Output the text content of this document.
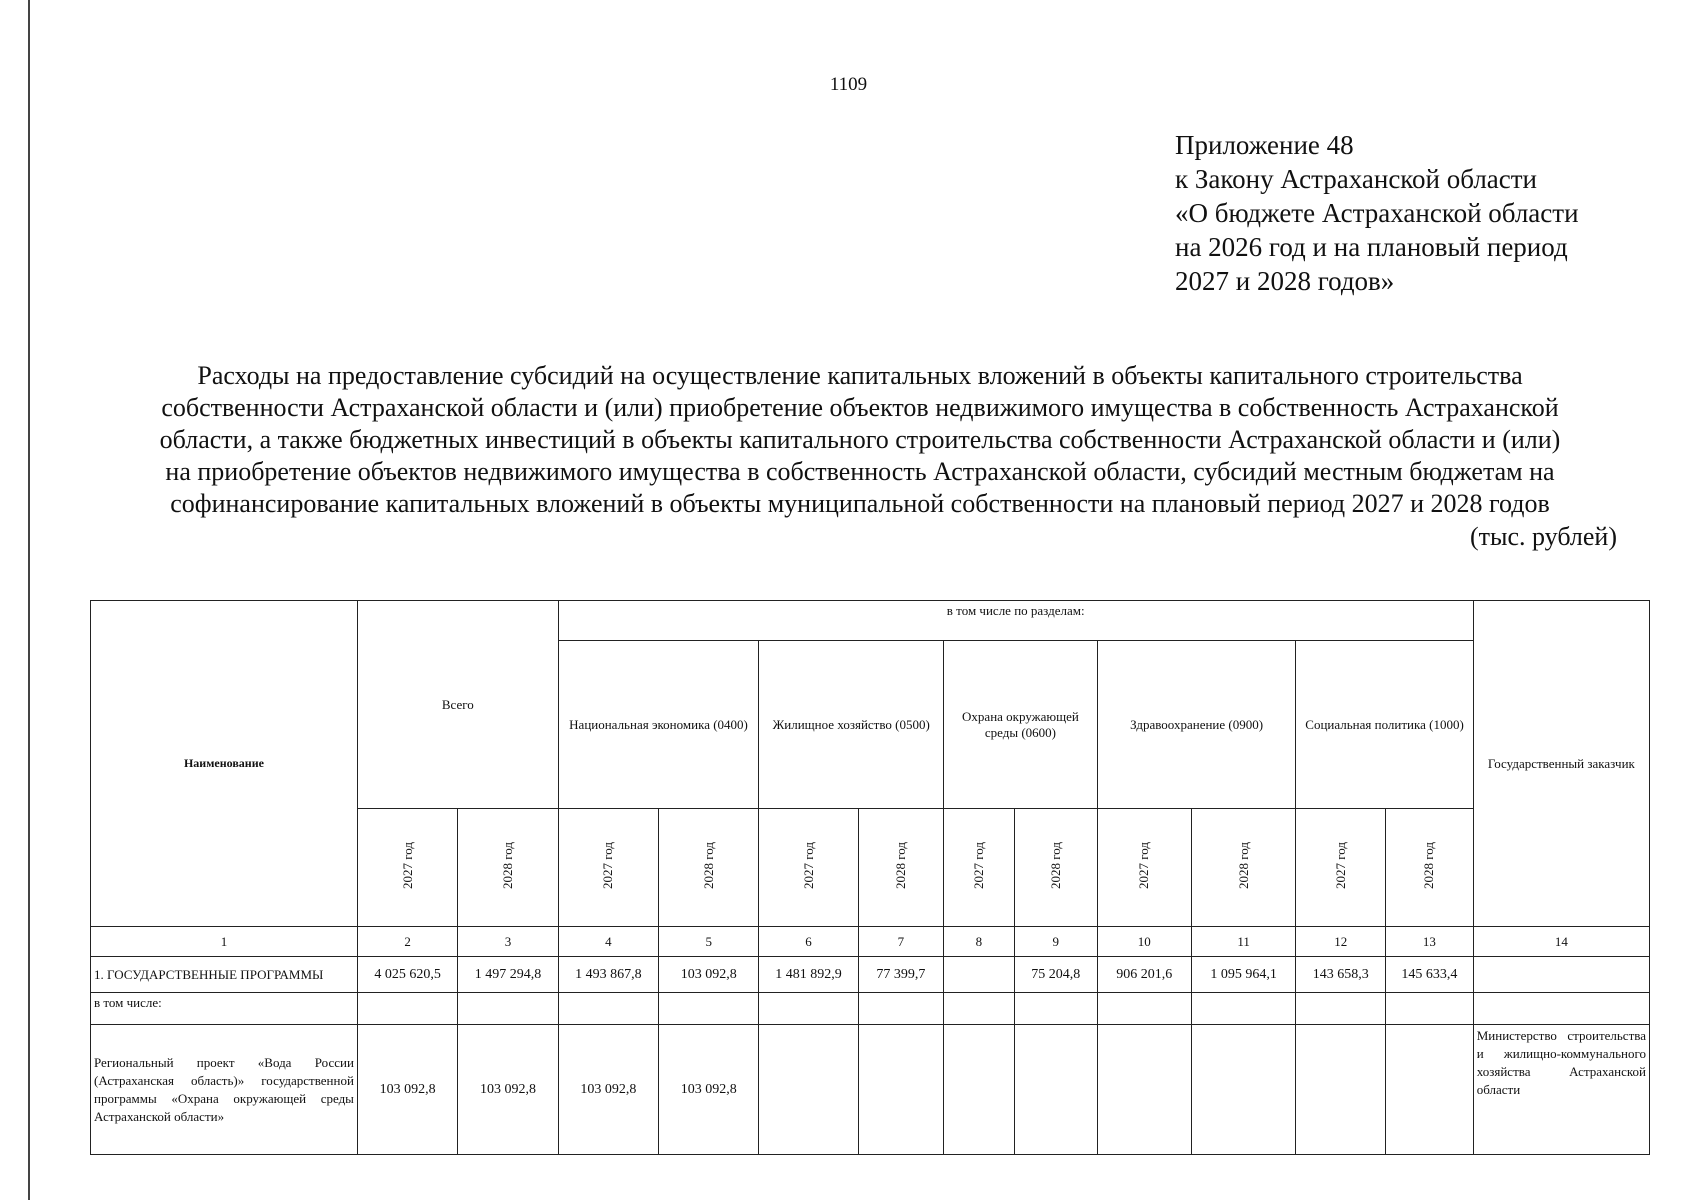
1109
Приложение 48
к Закону Астраханской области
«О бюджете Астраханской области
на 2026 год и на плановый период
2027 и 2028 годов»
Расходы на предоставление субсидий на осуществление капитальных вложений в объекты капитального строительства
собственности Астраханской области и (или) приобретение объектов недвижимого имущества в собственность Астраханской
области, а также бюджетных инвестиций в объекты капитального строительства собственности Астраханской области и (или)
на приобретение объектов недвижимого имущества в собственность Астраханской области, субсидий местным бюджетам на
софинансирование капитальных вложений в объекты муниципальной собственности на плановый период 2027 и 2028 годов
(тыс. рублей)
Наименование	Всего		в том числе по разделам:										Государственный заказчик
			Национальная экономика (0400)		Жилищное хозяйство (0500)		Охрана окружающей среды (0600)		Здравоохранение (0900)		Социальная политика (1000)		
	2027 год	2028 год	2027 год	2028 год	2027 год	2028 год	2027 год	2028 год	2027 год	2028 год	2027 год	2028 год	
1	2	3	4	5	6	7	8	9	10	11	12	13	14
1. ГОСУДАРСТВЕННЫЕ ПРОГРАММЫ	4 025 620,5	1 497 294,8	1 493 867,8	103 092,8	1 481 892,9	77 399,7		75 204,8	906 201,6	1 095 964,1	143 658,3	145 633,4	
в том числе:													
Региональный проект «Вода России (Астраханская область)» государственной программы «Охрана окружающей среды Астраханской области»	103 092,8	103 092,8	103 092,8	103 092,8									Министерство строительства и жилищно-коммунального хозяйства Астраханской области
